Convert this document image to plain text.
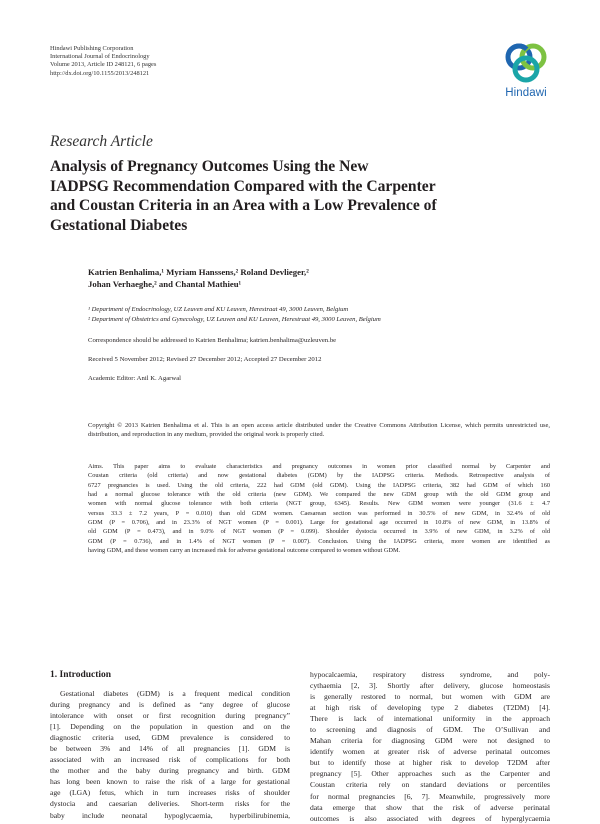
Hindawi Publishing Corporation
International Journal of Endocrinology
Volume 2013, Article ID 248121, 6 pages
http://dx.doi.org/10.1155/2013/248121
Hindawi
Research Article
Analysis of Pregnancy Outcomes Using the New
IADPSG Recommendation Compared with the Carpenter
and Coustan Criteria in an Area with a Low Prevalence of
Gestational Diabetes
Katrien Benhalima,¹ Myriam Hanssens,² Roland Devlieger,²
Johan Verhaeghe,² and Chantal Mathieu¹
¹ Department of Endocrinology, UZ Leuven and KU Leuven, Herestraat 49, 3000 Leuven, Belgium
² Department of Obstetrics and Gynecology, UZ Leuven and KU Leuven, Herestraat 49, 3000 Leuven, Belgium
Correspondence should be addressed to Katrien Benhalima; katrien.benhalima@uzleuven.be
Received 5 November 2012; Revised 27 December 2012; Accepted 27 December 2012
Academic Editor: Anil K. Agarwal
Copyright © 2013 Katrien Benhalima et al. This is an open access article distributed under the Creative Commons Attribution License, which permits unrestricted use, distribution, and reproduction in any medium, provided the original work is properly cited.
Aims. This paper aims to evaluate characteristics and pregnancy outcomes in women prior classified normal by Carpenter and
Coustan criteria (old criteria) and now gestational diabetes (GDM) by the IADPSG criteria. Methods. Retrospective analysis of
6727 pregnancies is used. Using the old criteria, 222 had GDM (old GDM). Using the IADPSG criteria, 382 had GDM of which 160
had a normal glucose tolerance with the old criteria (new GDM). We compared the new GDM group with the old GDM group and
women with normal glucose tolerance with both criteria (NGT group, 6345). Results. New GDM women were younger (31.6 ± 4.7
versus 33.3 ± 7.2 years, P = 0.010) than old GDM women. Caesarean section was performed in 30.5% of new GDM, in 32.4% of old
GDM (P = 0.706), and in 23.3% of NGT women (P = 0.001). Large for gestational age occurred in 10.8% of new GDM, in 13.8% of
old GDM (P = 0.473), and in 9.0% of NGT women (P = 0.099). Shoulder dystocia occurred in 3.9% of new GDM, in 3.2% of old
GDM (P = 0.736), and in 1.4% of NGT women (P = 0.007). Conclusion. Using the IADPSG criteria, more women are identified as
having GDM, and these women carry an increased risk for adverse gestational outcome compared to women without GDM.
1. Introduction
Gestational diabetes (GDM) is a frequent medical condition
during pregnancy and is defined as “any degree of glucose
intolerance with onset or first recognition during pregnancy”
[1]. Depending on the population in question and on the
diagnostic criteria used, GDM prevalence is considered to
be between 3% and 14% of all pregnancies [1]. GDM is
associated with an increased risk of complications for both
the mother and the baby during pregnancy and birth. GDM
has long been known to raise the risk of a large for gestational
age (LGA) fetus, which in turn increases risks of shoulder
dystocia and caesarian deliveries. Short-term risks for the
baby include neonatal hypoglycaemia, hyperbilirubinemia,
hypocalcaemia, respiratory distress syndrome, and poly-
cythaemia [2, 3]. Shortly after delivery, glucose homeostasis
is generally restored to normal, but women with GDM are
at high risk of developing type 2 diabetes (T2DM) [4].
There is lack of international uniformity in the approach
to screening and diagnosis of GDM. The O’Sullivan and
Mahan criteria for diagnosing GDM were not designed to
identify women at greater risk of adverse perinatal outcomes
but to identify those at higher risk to develop T2DM after
pregnancy [5]. Other approaches such as the Carpenter and
Coustan criteria rely on standard deviations or percentiles
for normal pregnancies [6, 7]. Meanwhile, progressively more
data emerge that show that the risk of adverse perinatal
outcomes is also associated with degrees of hyperglycaemia
